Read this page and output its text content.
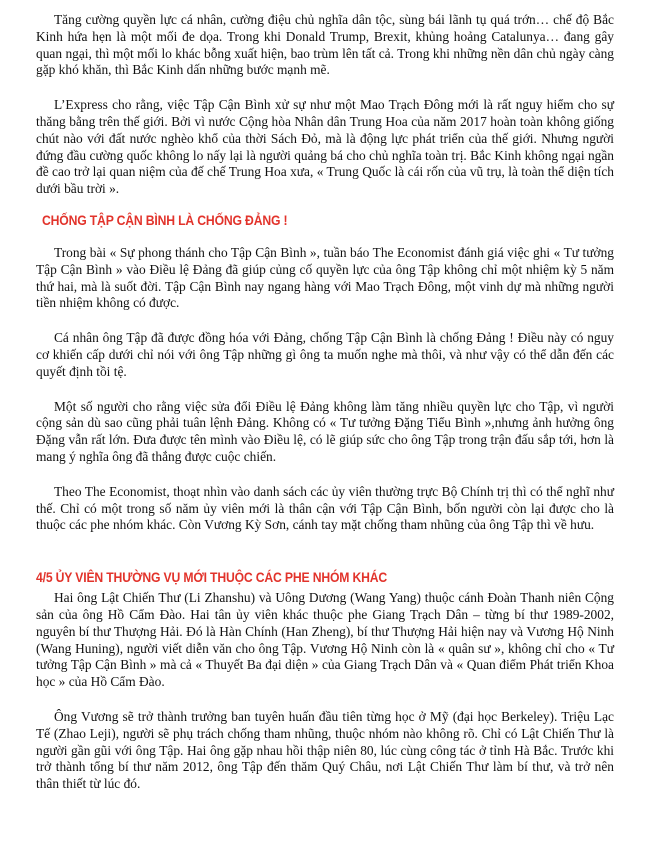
Tăng cường quyền lực cá nhân, cường điệu chủ nghĩa dân tộc, sùng bái lãnh tụ quá trớn… chế độ Bắc Kinh hứa hẹn là một mối đe dọa. Trong khi Donald Trump, Brexit, khủng hoảng Catalunya… đang gây quan ngại, thì một mối lo khác bỗng xuất hiện, bao trùm lên tất cả. Trong khi những nền dân chủ ngày càng gặp khó khăn, thì Bắc Kinh dấn những bước mạnh mẽ.

L’Express cho rằng, việc Tập Cận Bình xử sự như một Mao Trạch Đông mới là rất nguy hiểm cho sự thăng bằng trên thế giới. Bởi vì nước Cộng hòa Nhân dân Trung Hoa của năm 2017 hoàn toàn không giống chút nào với đất nước nghèo khổ của thời Sách Đỏ, mà là động lực phát triển của thế giới. Nhưng người đứng đầu cường quốc không lo nấy lại là người quảng bá cho chủ nghĩa toàn trị. Bắc Kinh không ngại ngần đề cao trở lại quan niệm của đế chế Trung Hoa xưa, « Trung Quốc là cái rốn của vũ trụ, là toàn thể diện tích dưới bầu trời ».

CHỐNG TẬP CẬN BÌNH LÀ CHỐNG ĐẢNG !

Trong bài « Sự phong thánh cho Tập Cận Bình », tuần báo The Economist đánh giá việc ghi « Tư tưởng Tập Cận Bình » vào Điều lệ Đảng đã giúp củng cố quyền lực của ông Tập không chỉ một nhiệm kỳ 5 năm thứ hai, mà là suốt đời. Tập Cận Bình nay ngang hàng với Mao Trạch Đông, một vinh dự mà những người tiền nhiệm không có được.

Cá nhân ông Tập đã được đồng hóa với Đảng, chống Tập Cận Bình là chống Đảng ! Điều này có nguy cơ khiến cấp dưới chỉ nói với ông Tập những gì ông ta muốn nghe mà thôi, và như vậy có thể dẫn đến các quyết định tồi tệ.

Một số người cho rằng việc sửa đổi Điều lệ Đảng không làm tăng nhiều quyền lực cho Tập, vì người cộng sản dù sao cũng phải tuân lệnh Đảng. Không có « Tư tưởng Đặng Tiểu Bình »,nhưng ảnh hưởng ông Đặng vẫn rất lớn. Đưa được tên mình vào Điều lệ, có lẽ giúp sức cho ông Tập trong trận đấu sắp tới, hơn là mang ý nghĩa ông đã thắng được cuộc chiến.

Theo The Economist, thoạt nhìn vào danh sách các ủy viên thường trực Bộ Chính trị thì có thể nghĩ như thế. Chỉ có một trong số năm ủy viên mới là thân cận với Tập Cận Bình, bốn người còn lại được cho là thuộc các phe nhóm khác. Còn Vương Kỳ Sơn, cánh tay mặt chống tham nhũng của ông Tập thì về hưu.

4/5 ỦY VIÊN THƯỜNG VỤ MỚI THUỘC CÁC PHE NHÓM KHÁC

Hai ông Lật Chiến Thư (Li Zhanshu) và Uông Dương (Wang Yang) thuộc cánh Đoàn Thanh niên Cộng sản của ông Hồ Cẩm Đào. Hai tân ủy viên khác thuộc phe Giang Trạch Dân – từng bí thư 1989-2002, nguyên bí thư Thượng Hải. Đó là Hàn Chính (Han Zheng), bí thư Thượng Hải hiện nay và Vương Hộ Ninh (Wang Huning), người viết diễn văn cho ông Tập. Vương Hộ Ninh còn là « quân sư », không chỉ cho « Tư tưởng Tập Cận Bình » mà cả « Thuyết Ba đại diện » của Giang Trạch Dân và « Quan điểm Phát triển Khoa học » của Hồ Cẩm Đào.

Ông Vương sẽ trở thành trưởng ban tuyên huấn đầu tiên từng học ở Mỹ (đại học Berkeley). Triệu Lạc Tế (Zhao Leji), người sẽ phụ trách chống tham nhũng, thuộc nhóm nào không rõ. Chỉ có Lật Chiến Thư là người gần gũi với ông Tập. Hai ông gặp nhau hồi thập niên 80, lúc cùng công tác ở tỉnh Hà Bắc. Trước khi trở thành tổng bí thư năm 2012, ông Tập đến thăm Quý Châu, nơi Lật Chiến Thư làm bí thư, và trở nên thân thiết từ lúc đó.
